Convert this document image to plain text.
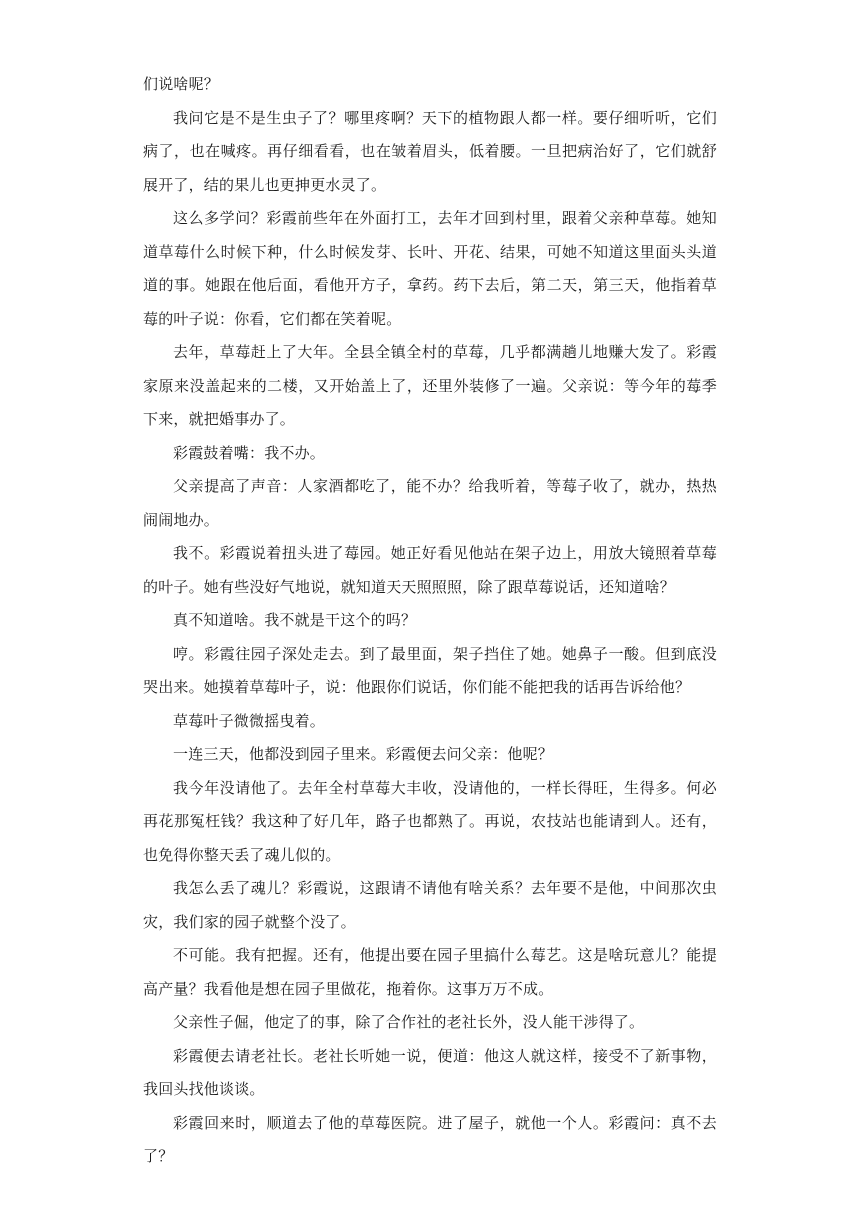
们说啥呢？

我问它是不是生虫子了？哪里疼啊？天下的植物跟人都一样。要仔细听听，它们病了，也在喊疼。再仔细看看，也在皱着眉头，低着腰。一旦把病治好了，它们就舒展开了，结的果儿也更抻更水灵了。

这么多学问？彩霞前些年在外面打工，去年才回到村里，跟着父亲种草莓。她知道草莓什么时候下种，什么时候发芽、长叶、开花、结果，可她不知道这里面头头道道的事。她跟在他后面，看他开方子，拿药。药下去后，第二天，第三天，他指着草莓的叶子说：你看，它们都在笑着呢。

去年，草莓赶上了大年。全县全镇全村的草莓，几乎都满趟儿地赚大发了。彩霞家原来没盖起来的二楼，又开始盖上了，还里外装修了一遍。父亲说：等今年的莓季下来，就把婚事办了。

彩霞鼓着嘴：我不办。

父亲提高了声音：人家酒都吃了，能不办？给我听着，等莓子收了，就办，热热闹闹地办。

我不。彩霞说着扭头进了莓园。她正好看见他站在架子边上，用放大镜照着草莓的叶子。她有些没好气地说，就知道天天照照照，除了跟草莓说话，还知道啥？

真不知道啥。我不就是干这个的吗？

哼。彩霞往园子深处走去。到了最里面，架子挡住了她。她鼻子一酸。但到底没哭出来。她摸着草莓叶子，说：他跟你们说话，你们能不能把我的话再告诉给他？

草莓叶子微微摇曳着。

一连三天，他都没到园子里来。彩霞便去问父亲：他呢？

我今年没请他了。去年全村草莓大丰收，没请他的，一样长得旺，生得多。何必再花那冤枉钱？我这种了好几年，路子也都熟了。再说，农技站也能请到人。还有，也免得你整天丢了魂儿似的。

我怎么丢了魂儿？彩霞说，这跟请不请他有啥关系？去年要不是他，中间那次虫灾，我们家的园子就整个没了。

不可能。我有把握。还有，他提出要在园子里搞什么莓艺。这是啥玩意儿？能提高产量？我看他是想在园子里做花，拖着你。这事万万不成。

父亲性子倔，他定了的事，除了合作社的老社长外，没人能干涉得了。

彩霞便去请老社长。老社长听她一说，便道：他这人就这样，接受不了新事物，我回头找他谈谈。

彩霞回来时，顺道去了他的草莓医院。进了屋子，就他一个人。彩霞问：真不去了？
